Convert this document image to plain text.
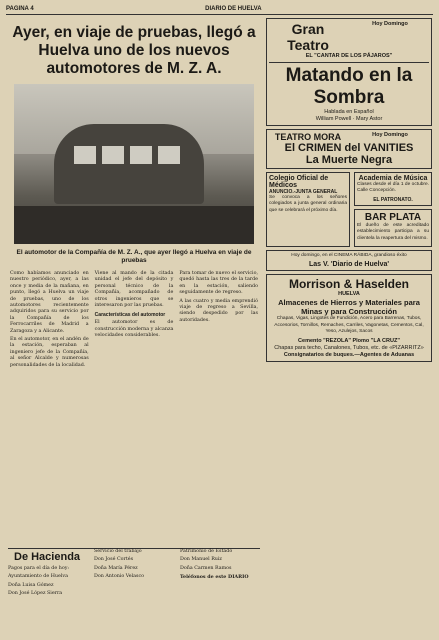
PAGINA 4	DIARIO DE HUELVA
Ayer, en viaje de pruebas, llegó a Huelva uno de los nuevos automotores de M. Z. A.
El automotor de la Compañía de M. Z. A., que ayer llegó a Huelva en viaje de pruebas

Como habíamos anunciado en nuestro periódico, ayer, a las once y media de la mañana, en punto, llegó a Huelva un viaje de pruebas, uno de los automotores recientemente adquiridos para su servicio por la Compañía de los Ferrocarriles de Madrid a Zaragoza y a Alicante.

En el automotor, en el andén de la estación, esperaban al ingeniero jefe de la Compañía, al señor Alcalde y numerosas personalidades de la localidad.

Viene al mando de la citada unidad el jefe del depósito y personal técnico de la Compañía, acompañado de otros ingenieros que se interesaron por las pruebas.

Características del automotor

El automotor es de construcción moderna y alcanza velocidades considerables.

Para tomar de nuevo el servicio, quedó hasta las tres de la tarde en la estación, saliendo seguidamente de regreso.

A las cuatro y media emprendió viaje de regreso a Sevilla, siendo despedido por las autoridades.

De Hacienda

Pagos para el día de hoy:

Ayuntamiento de Huelva

Doña Luisa Gómez

Don José López Sierra

Servicio del trabajo

Don José Cortés

Doña María Pérez

Don Antonio Velasco

Patrimonio de Estado

Don Manuel Ruiz

Doña Carmen Ramos

Teléfonos de este DIARIO

Gran Teatro
Hoy Domingo
EL "CANTAR DE LOS PÁJAROS"
Matando en la Sombra
Hablada en Español
William Powell · Mary Astor
TEATRO MORA	Hoy Domingo
El CRIMEN del VANITIES
La Muerte Negra
Colegio Oficial de Médicos
ANUNCIO.-JUNTA GENERAL

Se convoca a los señores colegiados a junta general ordinaria que se celebrará el próximo día.

Academia de Música

Clases desde el día 1 de octubre. Calle Concepción.

EL PATRONATO.
BAR PLATA

El dueño de este acreditado establecimiento participa a su clientela la reapertura del mismo.

Hoy domingo, en el CINEMA RÁBIDA, grandioso éxito

Las V. 'Diario de Huelva'
Morrison & Haselden
HUELVA
Almacenes de Hierros y Materiales para Minas y para Construcción

Chapas, Vigas, Lingotes de Fundición, Acero para Barrenas, Tubos, Accesorios, Tornillos, Remaches, Carriles, Vagonetas, Cementos, Cal, Yeso, Azulejos, Sacos

Cemento "REZOLA" Plomo "LA CRUZ"
Chapas para techo, Canalones, Tubos, etc. de «PIZARRITZ»
Consignatarios de buques.—Agentes de Aduanas
